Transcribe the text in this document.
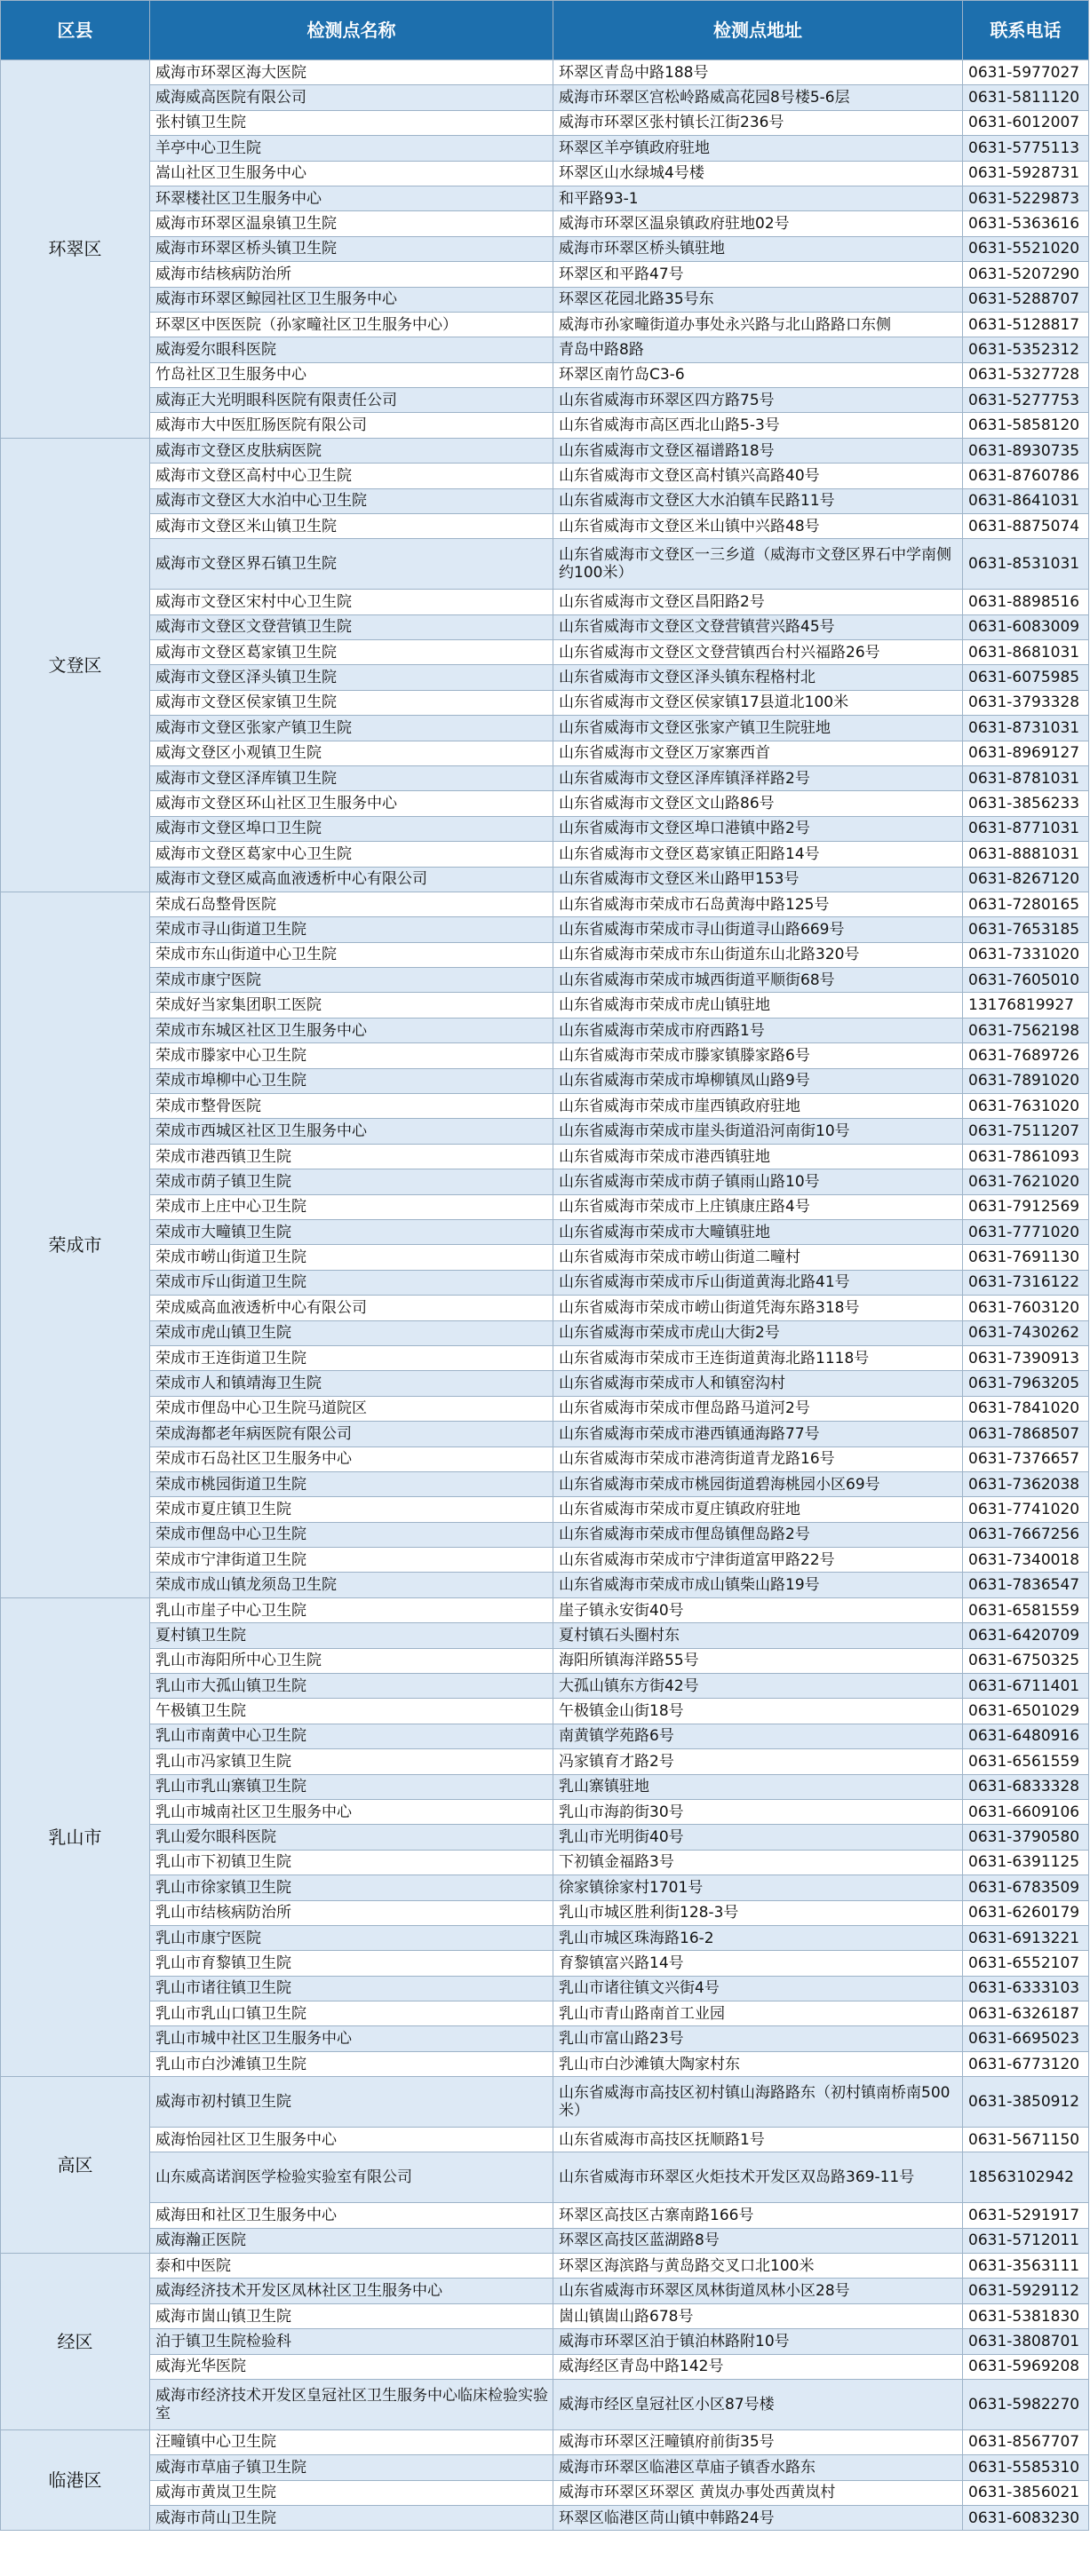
区县	检测点名称	检测点地址	联系电话
环翠区	威海市环翠区海大医院	环翠区青岛中路188号	0631-5977027
	威海威高医院有限公司	威海市环翠区宫松岭路威高花园8号楼5-6层	0631-5811120
	张村镇卫生院	威海市环翠区张村镇长江街236号	0631-6012007
	羊亭中心卫生院	环翠区羊亭镇政府驻地	0631-5775113
	嵩山社区卫生服务中心	环翠区山水绿城4号楼	0631-5928731
	环翠楼社区卫生服务中心	和平路93-1	0631-5229873
	威海市环翠区温泉镇卫生院	威海市环翠区温泉镇政府驻地02号	0631-5363616
	威海市环翠区桥头镇卫生院	威海市环翠区桥头镇驻地	0631-5521020
	威海市结核病防治所	环翠区和平路47号	0631-5207290
	威海市环翠区鲸园社区卫生服务中心	环翠区花园北路35号东	0631-5288707
	环翠区中医医院（孙家疃社区卫生服务中心）	威海市孙家疃街道办事处永兴路与北山路路口东侧	0631-5128817
	威海爱尔眼科医院	青岛中路8路	0631-5352312
	竹岛社区卫生服务中心	环翠区南竹岛C3-6	0631-5327728
	威海正大光明眼科医院有限责任公司	山东省威海市环翠区四方路75号	0631-5277753
	威海市大中医肛肠医院有限公司	山东省威海市高区西北山路5-3号	0631-5858120
文登区	威海市文登区皮肤病医院	山东省威海市文登区福谱路18号	0631-8930735
	威海市文登区高村中心卫生院	山东省威海市文登区高村镇兴高路40号	0631-8760786
	威海市文登区大水泊中心卫生院	山东省威海市文登区大水泊镇车民路11号	0631-8641031
	威海市文登区米山镇卫生院	山东省威海市文登区米山镇中兴路48号	0631-8875074
	威海市文登区界石镇卫生院	山东省威海市文登区一三乡道（威海市文登区界石中学南侧约100米）	0631-8531031
	威海市文登区宋村中心卫生院	山东省威海市文登区昌阳路2号	0631-8898516
	威海市文登区文登营镇卫生院	山东省威海市文登区文登营镇营兴路45号	0631-6083009
	威海市文登区葛家镇卫生院	山东省威海市文登区文登营镇西台村兴福路26号	0631-8681031
	威海市文登区泽头镇卫生院	山东省威海市文登区泽头镇东程格村北	0631-6075985
	威海市文登区侯家镇卫生院	山东省威海市文登区侯家镇17县道北100米	0631-3793328
	威海市文登区张家产镇卫生院	山东省威海市文登区张家产镇卫生院驻地	0631-8731031
	威海文登区小观镇卫生院	山东省威海市文登区万家寨西首	0631-8969127
	威海市文登区泽库镇卫生院	山东省威海市文登区泽库镇泽祥路2号	0631-8781031
	威海市文登区环山社区卫生服务中心	山东省威海市文登区文山路86号	0631-3856233
	威海市文登区埠口卫生院	山东省威海市文登区埠口港镇中路2号	0631-8771031
	威海市文登区葛家中心卫生院	山东省威海市文登区葛家镇正阳路14号	0631-8881031
	威海市文登区威高血液透析中心有限公司	山东省威海市文登区米山路甲153号	0631-8267120
荣成市	荣成石岛整骨医院	山东省威海市荣成市石岛黄海中路125号	0631-7280165
	荣成市寻山街道卫生院	山东省威海市荣成市寻山街道寻山路669号	0631-7653185
	荣成市东山街道中心卫生院	山东省威海市荣成市东山街道东山北路320号	0631-7331020
	荣成市康宁医院	山东省威海市荣成市城西街道平顺街68号	0631-7605010
	荣成好当家集团职工医院	山东省威海市荣成市虎山镇驻地	13176819927
	荣成市东城区社区卫生服务中心	山东省威海市荣成市府西路1号	0631-7562198
	荣成市滕家中心卫生院	山东省威海市荣成市滕家镇滕家路6号	0631-7689726
	荣成市埠柳中心卫生院	山东省威海市荣成市埠柳镇凤山路9号	0631-7891020
	荣成市整骨医院	山东省威海市荣成市崖西镇政府驻地	0631-7631020
	荣成市西城区社区卫生服务中心	山东省威海市荣成市崖头街道沿河南街10号	0631-7511207
	荣成市港西镇卫生院	山东省威海市荣成市港西镇驻地	0631-7861093
	荣成市荫子镇卫生院	山东省威海市荣成市荫子镇雨山路10号	0631-7621020
	荣成市上庄中心卫生院	山东省威海市荣成市上庄镇康庄路4号	0631-7912569
	荣成市大疃镇卫生院	山东省威海市荣成市大疃镇驻地	0631-7771020
	荣成市崂山街道卫生院	山东省威海市荣成市崂山街道二疃村	0631-7691130
	荣成市斥山街道卫生院	山东省威海市荣成市斥山街道黄海北路41号	0631-7316122
	荣成威高血液透析中心有限公司	山东省威海市荣成市崂山街道凭海东路318号	0631-7603120
	荣成市虎山镇卫生院	山东省威海市荣成市虎山大街2号	0631-7430262
	荣成市王连街道卫生院	山东省威海市荣成市王连街道黄海北路1118号	0631-7390913
	荣成市人和镇靖海卫生院	山东省威海市荣成市人和镇窑沟村	0631-7963205
	荣成市俚岛中心卫生院马道院区	山东省威海市荣成市俚岛路马道河2号	0631-7841020
	荣成海都老年病医院有限公司	山东省威海市荣成市港西镇通海路77号	0631-7868507
	荣成市石岛社区卫生服务中心	山东省威海市荣成市港湾街道青龙路16号	0631-7376657
	荣成市桃园街道卫生院	山东省威海市荣成市桃园街道碧海桃园小区69号	0631-7362038
	荣成市夏庄镇卫生院	山东省威海市荣成市夏庄镇政府驻地	0631-7741020
	荣成市俚岛中心卫生院	山东省威海市荣成市俚岛镇俚岛路2号	0631-7667256
	荣成市宁津街道卫生院	山东省威海市荣成市宁津街道富甲路22号	0631-7340018
	荣成市成山镇龙须岛卫生院	山东省威海市荣成市成山镇柴山路19号	0631-7836547
乳山市	乳山市崖子中心卫生院	崖子镇永安街40号	0631-6581559
	夏村镇卫生院	夏村镇石头圈村东	0631-6420709
	乳山市海阳所中心卫生院	海阳所镇海洋路55号	0631-6750325
	乳山市大孤山镇卫生院	大孤山镇东方街42号	0631-6711401
	午极镇卫生院	午极镇金山街18号	0631-6501029
	乳山市南黄中心卫生院	南黄镇学苑路6号	0631-6480916
	乳山市冯家镇卫生院	冯家镇育才路2号	0631-6561559
	乳山市乳山寨镇卫生院	乳山寨镇驻地	0631-6833328
	乳山市城南社区卫生服务中心	乳山市海韵街30号	0631-6609106
	乳山爱尔眼科医院	乳山市光明街40号	0631-3790580
	乳山市下初镇卫生院	下初镇金福路3号	0631-6391125
	乳山市徐家镇卫生院	徐家镇徐家村1701号	0631-6783509
	乳山市结核病防治所	乳山市城区胜利街128-3号	0631-6260179
	乳山市康宁医院	乳山市城区珠海路16-2	0631-6913221
	乳山市育黎镇卫生院	育黎镇富兴路14号	0631-6552107
	乳山市诸往镇卫生院	乳山市诸往镇文兴街4号	0631-6333103
	乳山市乳山口镇卫生院	乳山市青山路南首工业园	0631-6326187
	乳山市城中社区卫生服务中心	乳山市富山路23号	0631-6695023
	乳山市白沙滩镇卫生院	乳山市白沙滩镇大陶家村东	0631-6773120
高区	威海市初村镇卫生院	山东省威海市高技区初村镇山海路路东（初村镇南桥南500米）	0631-3850912
	威海怡园社区卫生服务中心	山东省威海市高技区抚顺路1号	0631-5671150
	山东威高诺润医学检验实验室有限公司	山东省威海市环翠区火炬技术开发区双岛路369-11号	18563102942
	威海田和社区卫生服务中心	环翠区高技区古寨南路166号	0631-5291917
	威海瀚正医院	环翠区高技区蓝湖路8号	0631-5712011
经区	泰和中医院	环翠区海滨路与黄岛路交叉口北100米	0631-3563111
	威海经济技术开发区凤林社区卫生服务中心	山东省威海市环翠区凤林街道凤林小区28号	0631-5929112
	威海市崮山镇卫生院	崮山镇崮山路678号	0631-5381830
	泊于镇卫生院检验科	威海市环翠区泊于镇泊林路附10号	0631-3808701
	威海光华医院	威海经区青岛中路142号	0631-5969208
	威海市经济技术开发区皇冠社区卫生服务中心临床检验实验室	威海市经区皇冠社区小区87号楼	0631-5982270
临港区	汪疃镇中心卫生院	威海市环翠区汪疃镇府前街35号	0631-8567707
	威海市草庙子镇卫生院	威海市环翠区临港区草庙子镇香水路东	0631-5585310
	威海市黄岚卫生院	威海市环翠区环翠区 黄岚办事处西黄岚村	0631-3856021
	威海市苘山卫生院	环翠区临港区苘山镇中韩路24号	0631-6083230
